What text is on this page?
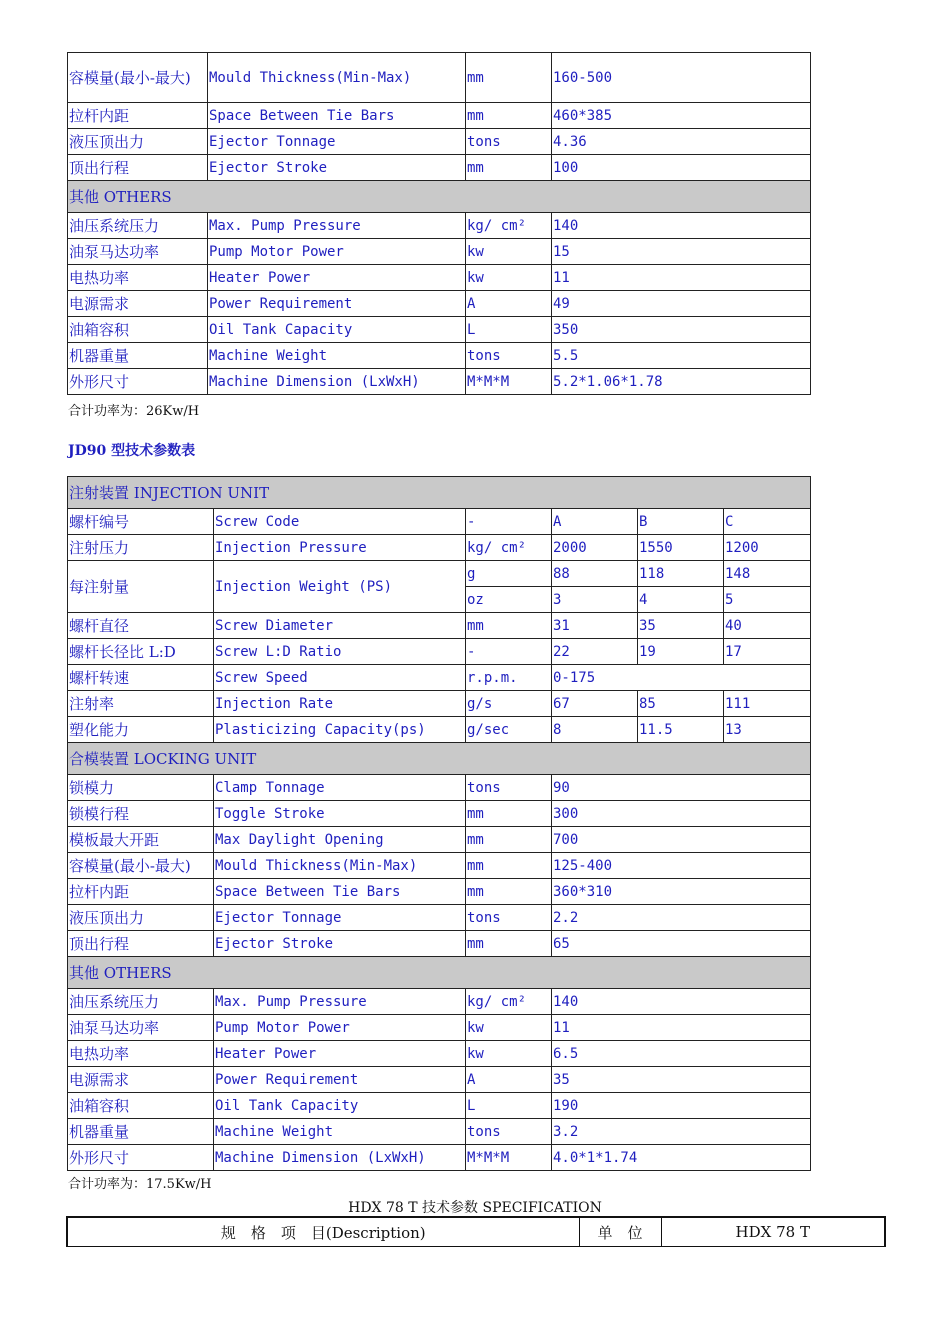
容模量(最小-最大)	Mould Thickness(Min-Max)	mm	160-500
拉杆内距	Space Between Tie Bars	mm	460*385
液压顶出力	Ejector Tonnage	tons	4.36
顶出行程	Ejector Stroke	mm	100
其他 OTHERS			
油压系统压力	Max. Pump Pressure	kg/ cm²	140
油泵马达功率	Pump Motor Power	kw	15
电热功率	Heater Power	kw	11
电源需求	Power Requirement	A	49
油箱容积	Oil Tank Capacity	L	350
机器重量	Machine Weight	tons	5.5
外形尺寸	Machine Dimension (LxWxH)	M*M*M	5.2*1.06*1.78
合计功率为：26Kw/H
JD90 型技术参数表
注射装置 INJECTION UNIT					
螺杆编号	Screw Code	-	A	B	C
注射压力	Injection Pressure	kg/ cm²	2000	1550	1200
每注射量	Injection Weight (PS)	g	88	118	148
		oz	3	4	5
螺杆直径	Screw Diameter	mm	31	35	40
螺杆长径比 L:D	Screw L:D Ratio	-	22	19	17
螺杆转速	Screw Speed	r.p.m.	0-175		
注射率	Injection Rate	g/s	67	85	111
塑化能力	Plasticizing Capacity(ps)	g/sec	8	11.5	13
合模装置 LOCKING UNIT					
锁模力	Clamp Tonnage	tons	90		
锁模行程	Toggle Stroke	mm	300		
模板最大开距	Max Daylight Opening	mm	700		
容模量(最小-最大)	Mould Thickness(Min-Max)	mm	125-400		
拉杆内距	Space Between Tie Bars	mm	360*310		
液压顶出力	Ejector Tonnage	tons	2.2		
顶出行程	Ejector Stroke	mm	65		
其他 OTHERS					
油压系统压力	Max. Pump Pressure	kg/ cm²	140		
油泵马达功率	Pump Motor Power	kw	11		
电热功率	Heater Power	kw	6.5		
电源需求	Power Requirement	A	35		
油箱容积	Oil Tank Capacity	L	190		
机器重量	Machine Weight	tons	3.2		
外形尺寸	Machine Dimension (LxWxH)	M*M*M	4.0*1*1.74		
合计功率为：17.5Kw/H
HDX 78 T 技术参数 SPECIFICATION
规　格　项　目(Description)	单　位	HDX 78 T
